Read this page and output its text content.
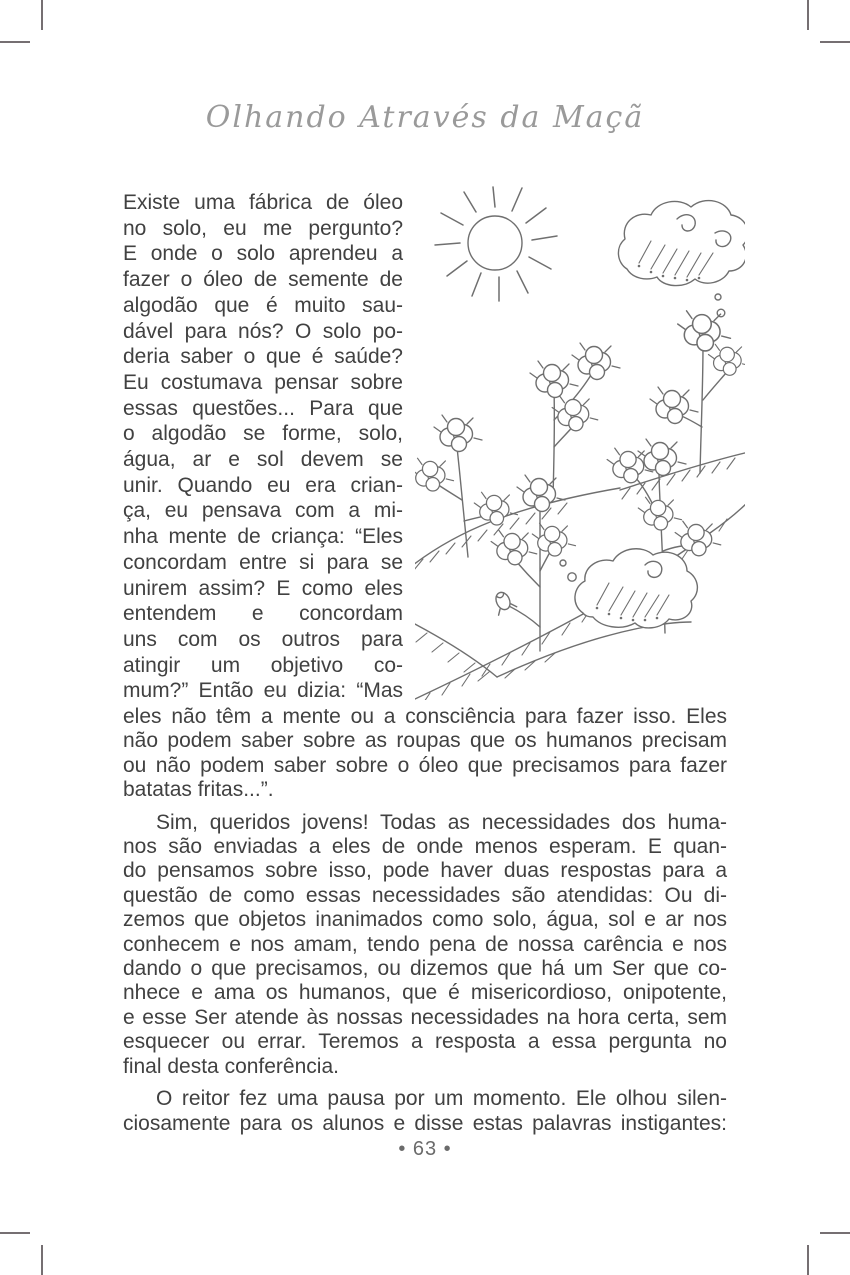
Olhando Através da Maçã
Existe uma fábrica de óleo
no solo, eu me pergunto?
E onde o solo aprendeu a
fazer o óleo de semente de
algodão que é muito sau-
dável para nós? O solo po-
deria saber o que é saúde?
Eu costumava pensar sobre
essas questões... Para que
o algodão se forme, solo,
água, ar e sol devem se
unir. Quando eu era crian-
ça, eu pensava com a mi-
nha mente de criança: “Eles
concordam entre si para se
unirem assim? E como eles
entendem e concordam
uns com os outros para
atingir um objetivo co-
mum?” Então eu dizia: “Mas
eles não têm a mente ou a consciência para fazer isso. Eles
não podem saber sobre as roupas que os humanos precisam
ou não podem saber sobre o óleo que precisamos para fazer
batatas fritas...”.
Sim, queridos jovens! Todas as necessidades dos huma-
nos são enviadas a eles de onde menos esperam. E quan-
do pensamos sobre isso, pode haver duas respostas para a
questão de como essas necessidades são atendidas: Ou di-
zemos que objetos inanimados como solo, água, sol e ar nos
conhecem e nos amam, tendo pena de nossa carência e nos
dando o que precisamos, ou dizemos que há um Ser que co-
nhece e ama os humanos, que é misericordioso, onipotente,
e esse Ser atende às nossas necessidades na hora certa, sem
esquecer ou errar. Teremos a resposta a essa pergunta no
final desta conferência.
O reitor fez uma pausa por um momento. Ele olhou silen-
ciosamente para os alunos e disse estas palavras instigantes:
• 63 •
